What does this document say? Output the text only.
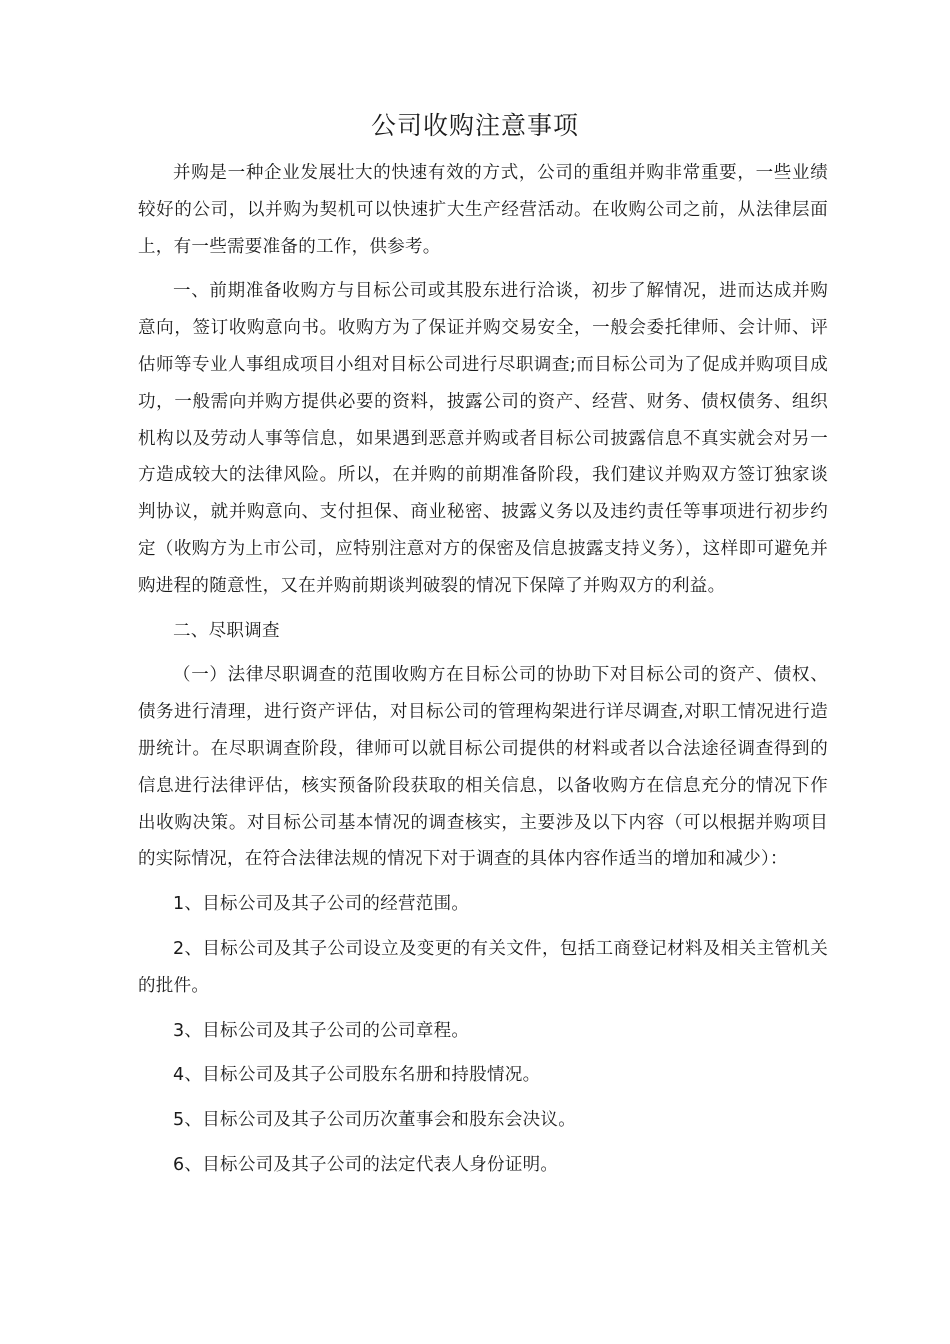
公司收购注意事项

并购是一种企业发展壮大的快速有效的方式，公司的重组并购非常重要，一些业绩较好的公司，以并购为契机可以快速扩大生产经营活动。在收购公司之前，从法律层面上，有一些需要准备的工作，供参考。

一、前期准备收购方与目标公司或其股东进行洽谈，初步了解情况，进而达成并购意向，签订收购意向书。收购方为了保证并购交易安全，一般会委托律师、会计师、评估师等专业人事组成项目小组对目标公司进行尽职调查;而目标公司为了促成并购项目成功，一般需向并购方提供必要的资料，披露公司的资产、经营、财务、债权债务、组织机构以及劳动人事等信息，如果遇到恶意并购或者目标公司披露信息不真实就会对另一方造成较大的法律风险。所以，在并购的前期准备阶段，我们建议并购双方签订独家谈判协议，就并购意向、支付担保、商业秘密、披露义务以及违约责任等事项进行初步约定（收购方为上市公司，应特别注意对方的保密及信息披露支持义务），这样即可避免并购进程的随意性，又在并购前期谈判破裂的情况下保障了并购双方的利益。

二、尽职调查

（一）法律尽职调查的范围收购方在目标公司的协助下对目标公司的资产、债权、债务进行清理，进行资产评估，对目标公司的管理构架进行详尽调查,对职工情况进行造册统计。在尽职调查阶段，律师可以就目标公司提供的材料或者以合法途径调查得到的信息进行法律评估，核实预备阶段获取的相关信息，以备收购方在信息充分的情况下作出收购决策。对目标公司基本情况的调查核实，主要涉及以下内容（可以根据并购项目的实际情况，在符合法律法规的情况下对于调查的具体内容作适当的增加和减少）：

1、目标公司及其子公司的经营范围。

2、目标公司及其子公司设立及变更的有关文件，包括工商登记材料及相关主管机关的批件。

3、目标公司及其子公司的公司章程。

4、目标公司及其子公司股东名册和持股情况。

5、目标公司及其子公司历次董事会和股东会决议。

6、目标公司及其子公司的法定代表人身份证明。
